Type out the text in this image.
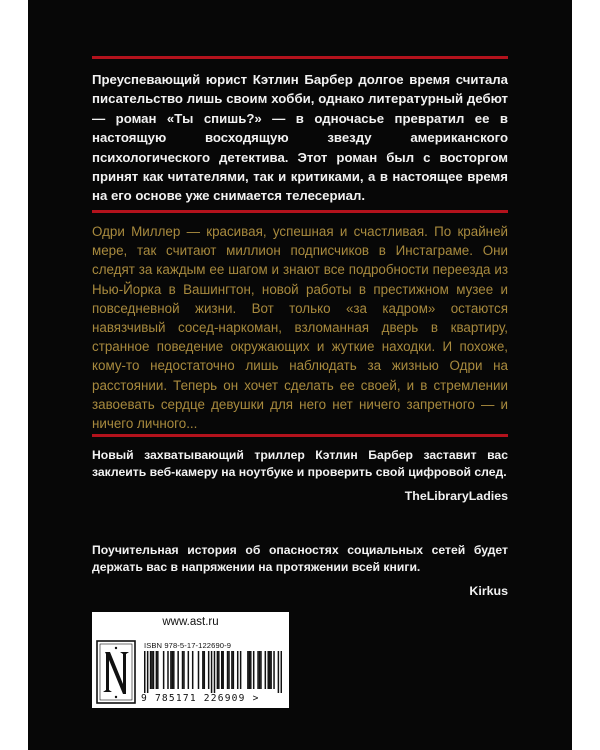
Преуспевающий юрист Кэтлин Барбер долгое время считала писательство лишь своим хобби, однако литературный дебют — роман «Ты спишь?» — в одночасье превратил ее в настоящую восходящую звезду американского психологического детектива. Этот роман был с восторгом принят как читателями, так и критиками, а в настоящее время на его основе уже снимается телесериал.

Одри Миллер — красивая, успешная и счастливая. По крайней мере, так считают миллион подписчиков в Инстаграме. Они следят за каждым ее шагом и знают все подробности переезда из Нью-Йорка в Вашингтон, новой работы в престижном музее и повседневной жизни. Вот только «за кадром» остаются навязчивый сосед-наркоман, взломанная дверь в квартиру, странное поведение окружающих и жуткие находки. И похоже, кому-то недостаточно лишь наблюдать за жизнью Одри на расстоянии. Теперь он хочет сделать ее своей, и в стремлении завоевать сердце девушки для него нет ничего запретного — и ничего личного...

Новый захватывающий триллер Кэтлин Барбер заставит вас заклеить веб-камеру на ноутбуке и проверить свой цифровой след.

TheLibraryLadies

Поучительная история об опасностях социальных сетей будет держать вас в напряжении на протяжении всей книги.

Kirkus
www.ast.ru
ISBN 978-5-17-122690-9
9 785171 226909 >
